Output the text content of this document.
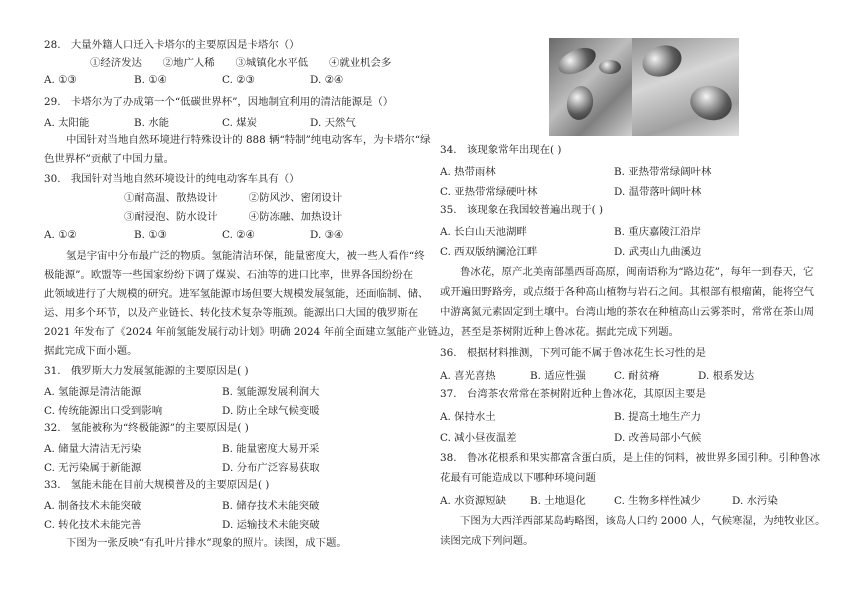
28.　大量外籍人口迁入卡塔尔的主要原因是卡塔尔（）
①经济发达　　②地广人稀　　③城镇化水平低　　④就业机会多
A. ①③	B. ①④	C. ②③	D. ②④
29.　卡塔尔为了办成第一个“低碳世界杯”，因地制宜利用的清洁能源是（）
A. 太阳能	B. 水能	C. 煤炭	D. 天然气
中国针对当地自然环境进行特殊设计的 888 辆“特制”纯电动客车，为卡塔尔“绿
色世界杯”贡献了中国力量。
30.　我国针对当地自然环境设计的纯电动客车具有（）
①耐高温、散热设计　　　②防风沙、密闭设计
③耐浸泡、防水设计　　　④防冻融、加热设计
A. ①②	B. ①③	C. ②④	D. ③④
氢是宇宙中分布最广泛的物质。氢能清洁环保，能量密度大，被一些人看作“终
极能源”。欧盟等一些国家纷纷下调了煤炭、石油等的进口比率，世界各国纷纷在
此领域进行了大规模的研究。进军氢能源市场但要大规模发展氢能，还面临制、储、
运、用多个环节，以及产业链长、转化技术复杂等瓶颈。能源出口大国的俄罗斯在
2021 年发布了《2024 年前氢能发展行动计划》明确 2024 年前全面建立氢能产业链。
据此完成下面小题。
31.　俄罗斯大力发展氢能源的主要原因是( )
A. 氢能源是清洁能源	B. 氢能源发展利润大
C. 传统能源出口受到影响	D. 防止全球气候变暖
32.　氢能被称为“终极能源”的主要原因是( )
A. 储量大清洁无污染	B. 能量密度大易开采
C. 无污染属于新能源	D. 分布广泛容易获取
33.　氢能未能在目前大规模普及的主要原因是( )
A. 制备技术未能突破	B. 储存技术未能突破
C. 转化技术未能完善	D. 运输技术未能突破
下图为一张反映“有孔叶片排水”现象的照片。读图，成下题。
34.　该现象常年出现在( )
A. 热带雨林	B. 亚热带常绿阔叶林
C. 亚热带常绿硬叶林	D. 温带落叶阔叶林
35.　该现象在我国较普遍出现于( )
A. 长白山天池湖畔	B. 重庆嘉陵江沿岸
C. 西双版纳澜沧江畔	D. 武夷山九曲溪边
鲁冰花，原产北美南部墨西哥高原，闽南语称为“路边花”，每年一到春天，它
或开遍田野路旁，或点缀于各种高山植物与岩石之间。其根部有根瘤菌，能将空气
中游离氮元素固定到土壤中。台湾山地的茶农在种植高山云雾茶时，常常在茶山周
边，甚至是茶树附近种上鲁冰花。据此完成下列题。
36.　根据材料推测，下列可能不属于鲁冰花生长习性的是
A. 喜光喜热	B. 适应性强	C. 耐贫瘠	D. 根系发达
37.　台湾茶农常常在茶树附近种上鲁冰花，其原因主要是
A. 保持水土	B. 提高土地生产力
C. 减小昼夜温差	D. 改善局部小气候
38.　鲁冰花根系和果实都富含蛋白质，是上佳的饲料，被世界多国引种。引种鲁冰
花最有可能造成以下哪种环境问题
A. 水资源短缺 B. 土地退化	C. 生物多样性减少	D. 水污染
下图为大西洋西部某岛屿略图，该岛人口约 2000 人，气候寒湿，为纯牧业区。
读图完成下列问题。
